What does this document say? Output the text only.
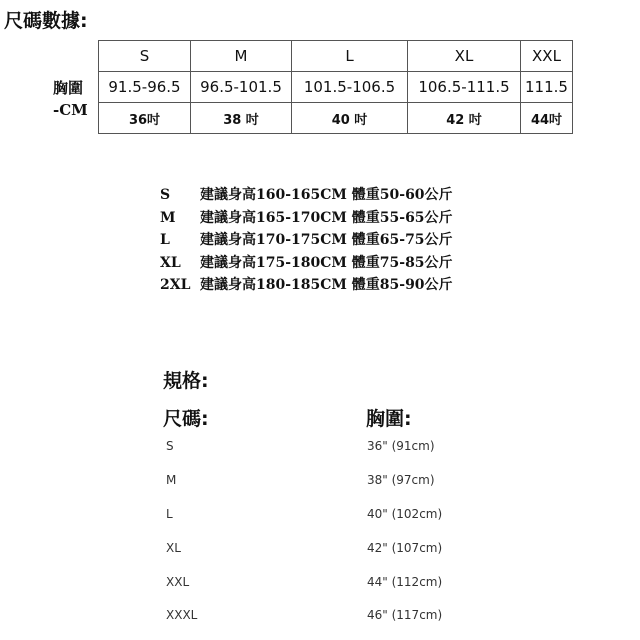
尺碼數據:
胸圍
-CM
S	M	L	XL	XXL
91.5-96.5	96.5-101.5	101.5-106.5	106.5-111.5	111.5
36吋	38 吋	40 吋	42 吋	44吋
S 建議身高160-165CM 體重50-60公斤
M 建議身高165-170CM 體重55-65公斤
L 建議身高170-175CM 體重65-75公斤
XL 建議身高175-180CM 體重75-85公斤
2XL 建議身高180-185CM 體重85-90公斤
規格:
尺碼:	胸圍:
S	36" (91cm)
M	38" (97cm)
L	40" (102cm)
XL	42" (107cm)
XXL	44" (112cm)
XXXL	46" (117cm)
